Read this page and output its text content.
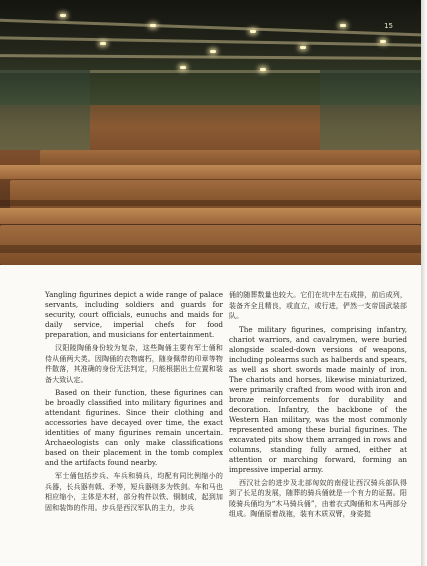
15

Yangling figurines depict a wide range of palace servants, including soldiers and guards for security, court officials, eunuchs and maids for daily service, imperial chefs for food preparation, and musicians for entertainment.

汉阳陵陶俑身份较为复杂，这些陶俑主要有军士俑和侍从俑两大类。因陶俑的衣物腐朽，随身佩带的印章等物件散落，其准确的身份无法判定，只能根据出土位置和装备大致认定。

Based on their function, these figurines can be broadly classified into military figurines and attendant figurines. Since their clothing and accessories have decayed over time, the exact identities of many figurines remain uncertain. Archaeologists can only make classifications based on their placement in the tomb complex and the artifacts found nearby.

军士俑包括步兵、车兵和骑兵，均配有同比例缩小的兵器，长兵器有戟、矛等，短兵器则多为铁剑。车和马也相应缩小，主体是木材，部分构件以铁、铜制成，起到加固和装饰的作用。步兵是西汉军队的主力，步兵

俑的随葬数量也较大。它们在坑中左右成排，前后成列，装备齐全且精良，或直立，或行进，俨然一支帝国武装部队。

The military figurines, comprising infantry, chariot warriors, and cavalrymen, were buried alongside scaled-down versions of weapons, including polearms such as halberds and spears, as well as short swords made mainly of iron. The chariots and horses, likewise miniaturized, were primarily crafted from wood with iron and bronze reinforcements for durability and decoration. Infantry, the backbone of the Western Han military, was the most commonly represented among these burial figurines. The excavated pits show them arranged in rows and columns, standing fully armed, either at attention or marching forward, forming an impressive imperial army.

西汉社会的进步及北部匈奴的南侵让西汉骑兵部队得到了长足的发展，随葬的骑兵俑就是一个有力的证据。阳陵骑兵俑均为“木马骑兵俑”，由着衣式陶俑和木马两部分组成。陶俑原着战袍，装有木质双臂，身姿挺
